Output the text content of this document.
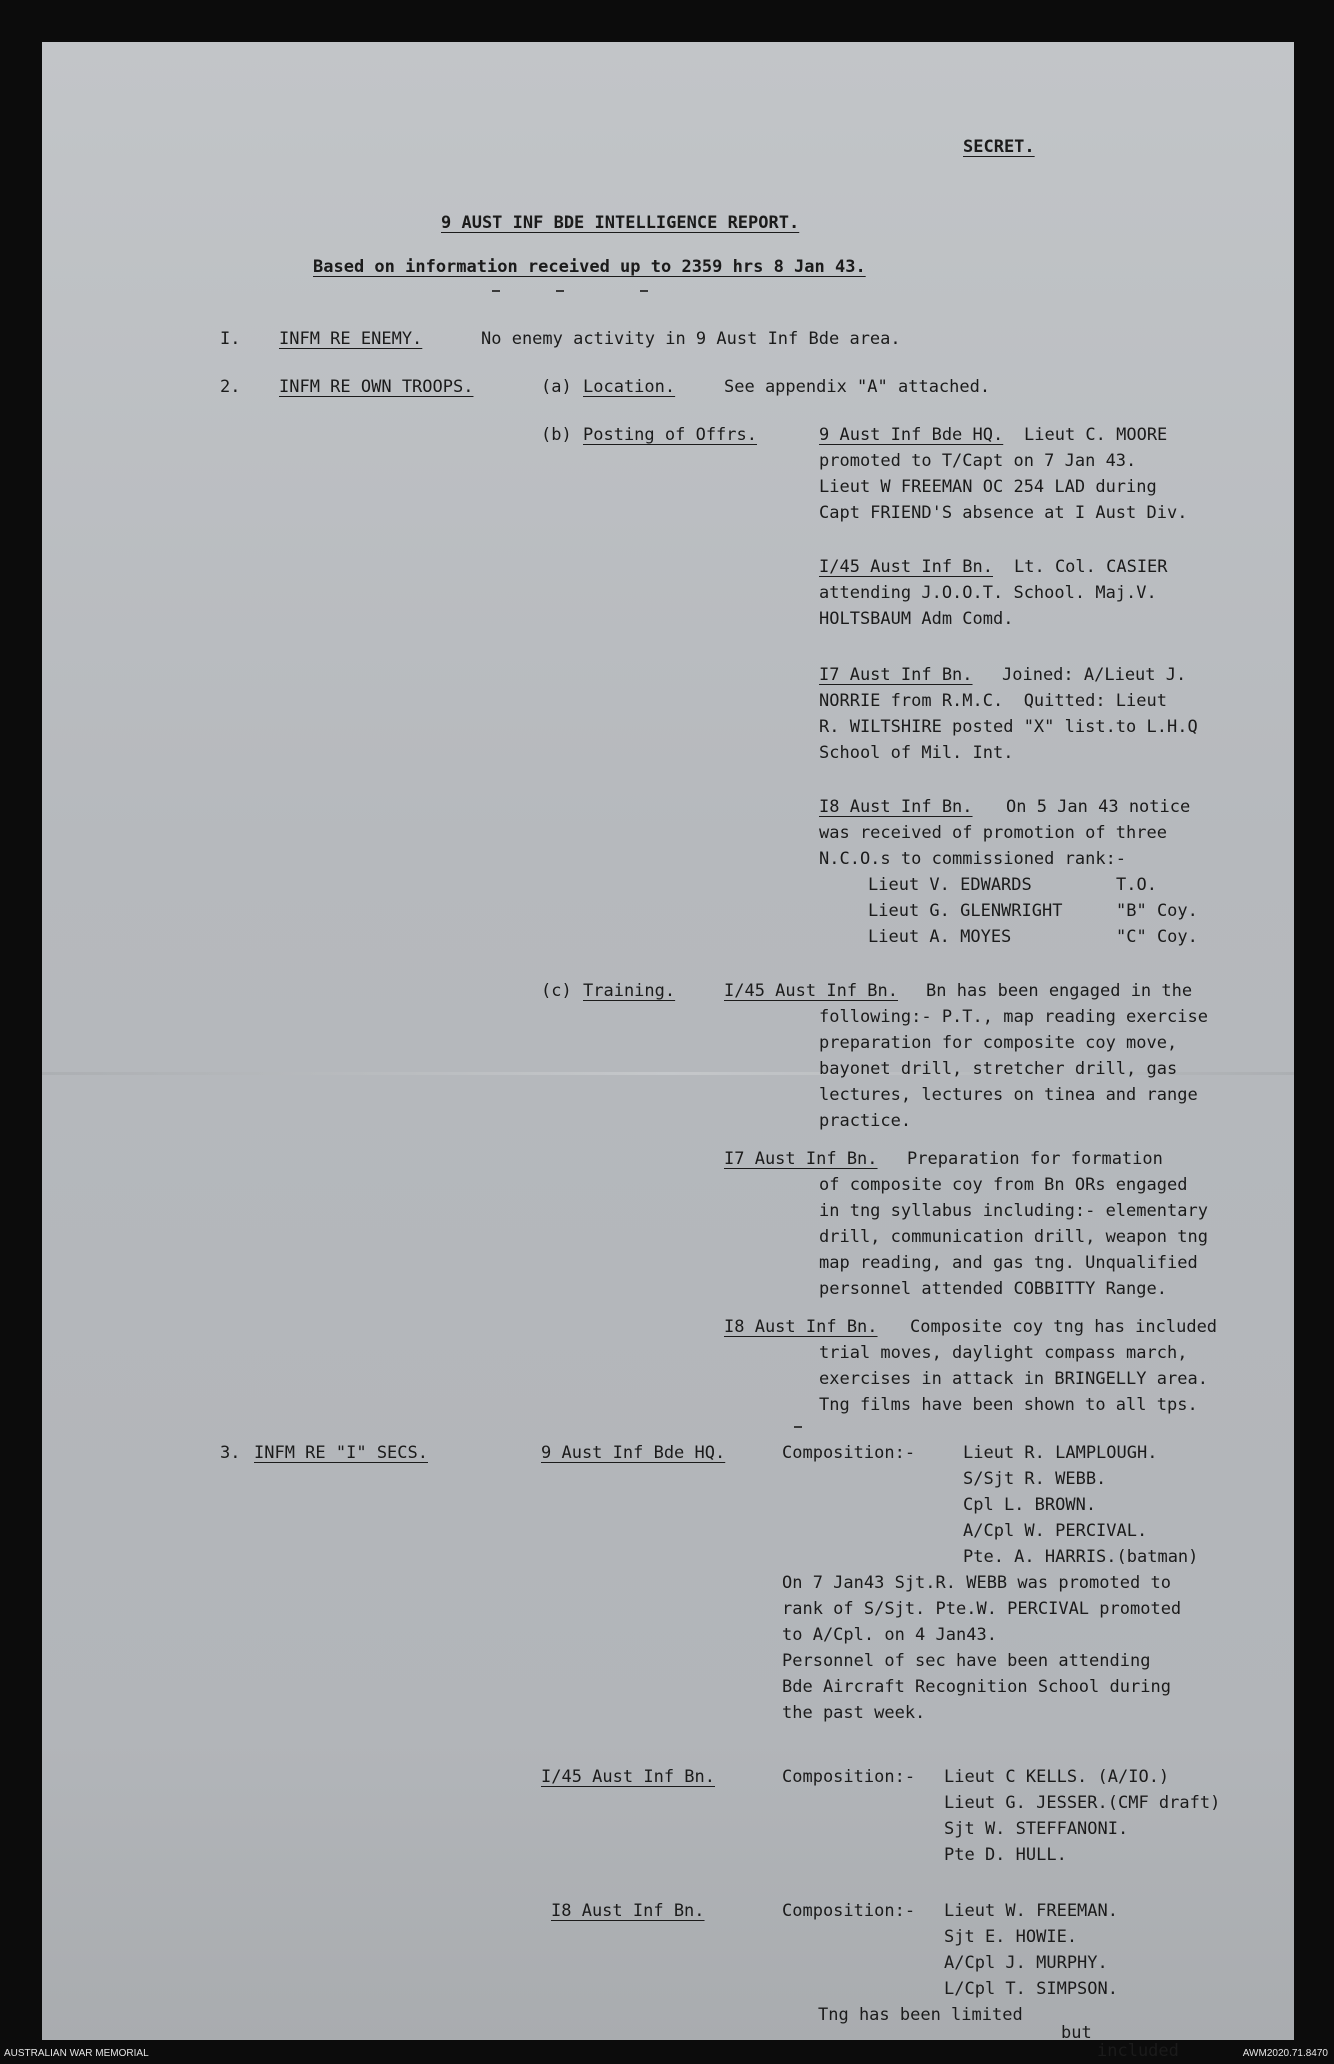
SECRET.
9 AUST INF BDE INTELLIGENCE REPORT.
Based on information received up to 2359 hrs 8 Jan 43.
I. INFM RE ENEMY.	No enemy activity in 9 Aust Inf Bde area.
2. INFM RE OWN TROOPS.	(a) Location.	See appendix "A" attached.
(b) Posting of Offrs.	9 Aust Inf Bde HQ. Lieut C. MOORE
promoted to T/Capt on 7 Jan 43.
Lieut W FREEMAN OC 254 LAD during
Capt FRIEND'S absence at I Aust Div.
I/45 Aust Inf Bn. Lt. Col. CASIER
attending J.O.O.T. School. Maj.V.
HOLTSBAUM Adm Comd.
I7 Aust Inf Bn. Joined: A/Lieut J.
NORRIE from R.M.C.  Quitted: Lieut
R. WILTSHIRE posted "X" list.to L.H.Q
School of Mil. Int.
I8 Aust Inf Bn. On 5 Jan 43 notice
was received of promotion of three
N.C.O.s to commissioned rank:-
Lieut V. EDWARDS	T.O.
Lieut G. GLENWRIGHT	"B" Coy.
Lieut A. MOYES	"C" Coy.
(c) Training.	I/45 Aust Inf Bn. Bn has been engaged in the
following:- P.T., map reading exercise
preparation for composite coy move,
bayonet drill, stretcher drill, gas
lectures, lectures on tinea and range
practice.
I7 Aust Inf Bn. Preparation for formation
of composite coy from Bn ORs engaged
in tng syllabus including:- elementary
drill, communication drill, weapon tng
map reading, and gas tng. Unqualified
personnel attended COBBITTY Range.
I8 Aust Inf Bn. Composite coy tng has included
trial moves, daylight compass march,
exercises in attack in BRINGELLY area.
Tng films have been shown to all tps.
3. INFM RE "I" SECS.	9 Aust Inf Bde HQ.	Composition:-	Lieut R. LAMPLOUGH.
S/Sjt R. WEBB.
Cpl L. BROWN.
A/Cpl W. PERCIVAL.
Pte. A. HARRIS.(batman)
On 7 Jan43 Sjt.R. WEBB was promoted to
rank of S/Sjt. Pte.W. PERCIVAL promoted
to A/Cpl. on 4 Jan43.
Personnel of sec have been attending
Bde Aircraft Recognition School during
the past week.
I/45 Aust Inf Bn.	Composition:- Lieut C KELLS. (A/IO.)
Lieut G. JESSER.(CMF draft)
Sjt W. STEFFANONI.
Pte D. HULL.
I8 Aust Inf Bn.	Composition:- Lieut W. FREEMAN.
Sjt E. HOWIE.
A/Cpl J. MURPHY.
L/Cpl T. SIMPSON.
Tng has been limited
but
included
AUSTRALIAN WAR MEMORIAL	AWM2020.71.8470
